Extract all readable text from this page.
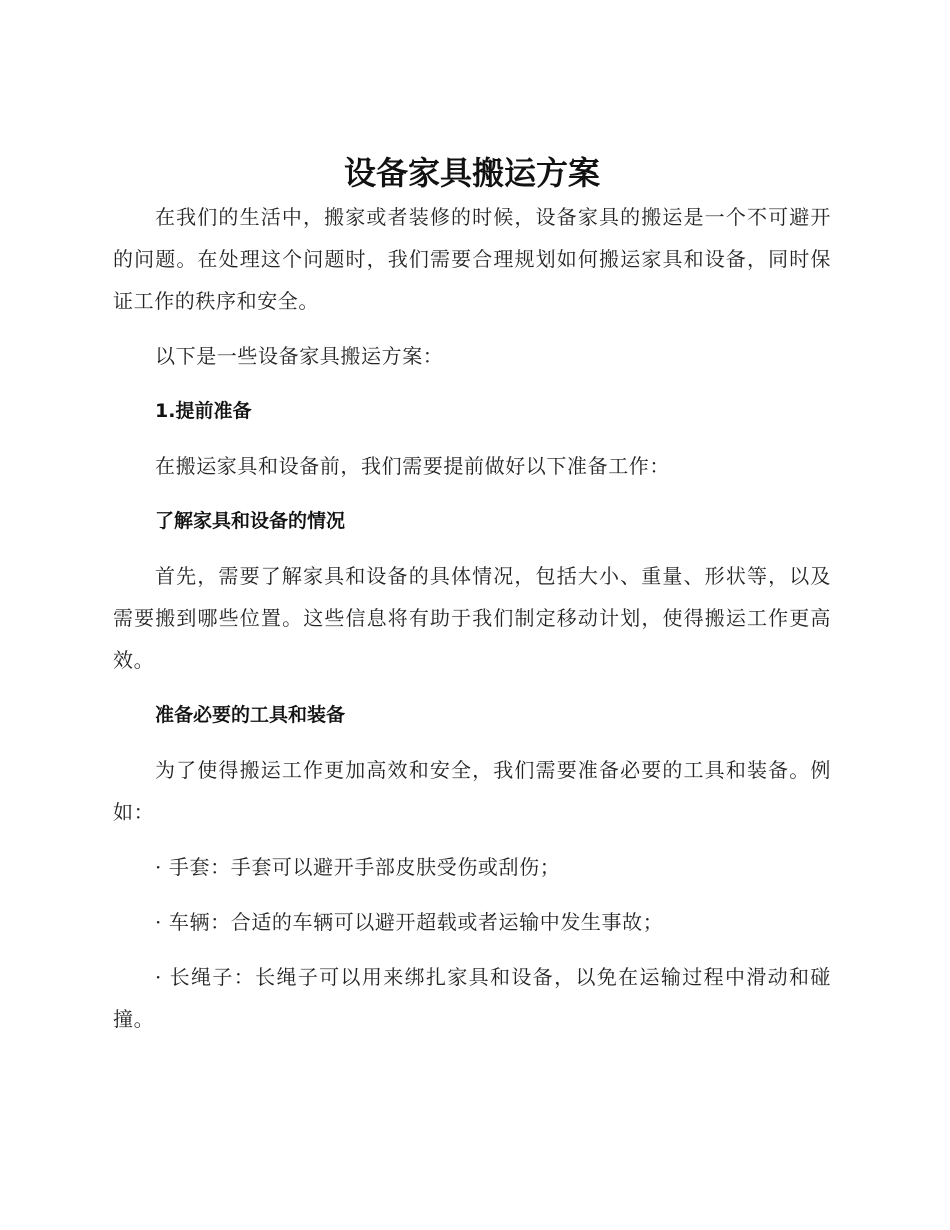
设备家具搬运方案

在我们的生活中，搬家或者装修的时候，设备家具的搬运是一个不可避开的问题。在处理这个问题时，我们需要合理规划如何搬运家具和设备，同时保证工作的秩序和安全。

以下是一些设备家具搬运方案：

1.提前准备

在搬运家具和设备前，我们需要提前做好以下准备工作：

了解家具和设备的情况

首先，需要了解家具和设备的具体情况，包括大小、重量、形状等，以及需要搬到哪些位置。这些信息将有助于我们制定移动计划，使得搬运工作更高效。

准备必要的工具和装备

为了使得搬运工作更加高效和安全，我们需要准备必要的工具和装备。例如：

· 手套：手套可以避开手部皮肤受伤或刮伤；

· 车辆：合适的车辆可以避开超载或者运输中发生事故；

· 长绳子：长绳子可以用来绑扎家具和设备，以免在运输过程中滑动和碰撞。
